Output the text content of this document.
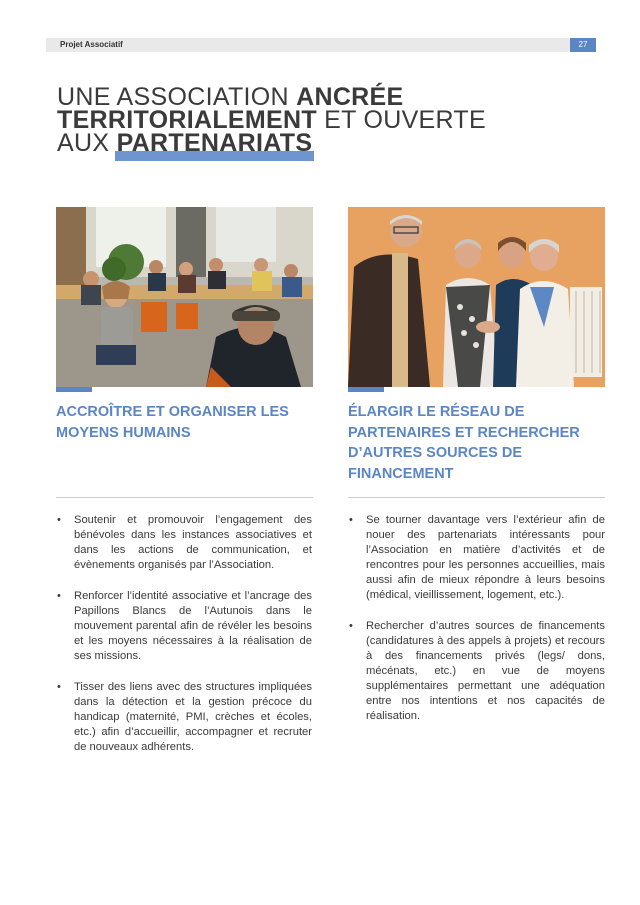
Projet Associatif	27
UNE ASSOCIATION ANCRÉE
TERRITORIALEMENT ET OUVERTE
AUX PARTENARIATS
ACCROÎTRE ET ORGANISER LES MOYENS HUMAINS
ÉLARGIR LE RÉSEAU DE PARTENAIRES ET RECHERCHER D’AUTRES SOURCES DE FINANCEMENT
• Soutenir et promouvoir l’engagement des bénévoles dans les instances associatives et dans les actions de communication, et évènements organisés par l’Association.
• Renforcer l’identité associative et l’ancrage des Papillons Blancs de l’Autunois dans le mouvement parental afin de révéler les besoins et les moyens nécessaires à la réalisation de ses missions.
• Tisser des liens avec des structures impliquées dans la détection et la gestion précoce du handicap (maternité, PMI, crèches et écoles, etc.) afin d’accueillir, accompagner et recruter de nouveaux adhérents.
• Se tourner davantage vers l’extérieur afin de nouer des partenariats intéressants pour l’Association en matière d’activités et de rencontres pour les personnes accueillies, mais aussi afin de mieux répondre à leurs besoins (médical, vieillissement, logement, etc.).
• Rechercher d’autres sources de financements (candidatures à des appels à projets) et recours à des financements privés (legs/ dons, mécénats, etc.) en vue de moyens supplémentaires permettant une adéquation entre nos intentions et nos capacités de réalisation.
